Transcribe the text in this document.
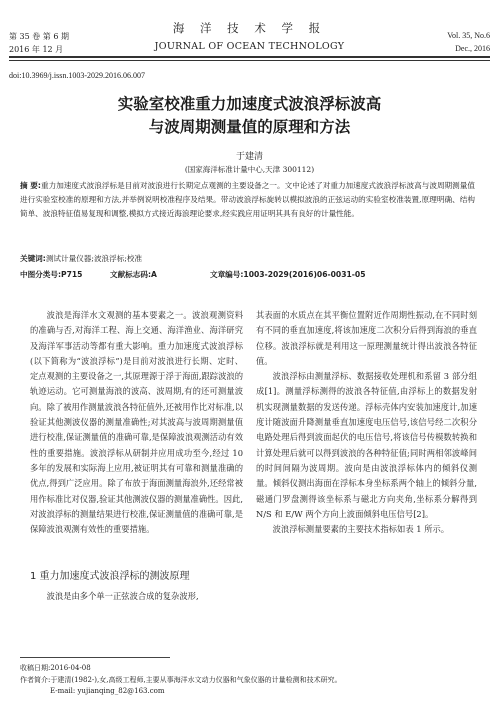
第 35 卷 第 6 期
2016 年 12 月
海 洋 技 术 学 报
JOURNAL OF OCEAN TECHNOLOGY
Vol. 35, No.6
Dec., 2016
doi:10.3969/j.issn.1003-2029.2016.06.007
实验室校准重力加速度式波浪浮标波高
与波周期测量值的原理和方法
于建清
(国家海洋标准计量中心,天津 300112)
摘 要:重力加速度式波浪浮标是目前对波浪进行长期定点观测的主要设备之一。文中论述了对重力加速度式波浪浮标波高与波周期测量值进行实验室校准的原理和方法,并举例说明校准程序及结果。带动波浪浮标旋转以模拟波浪的正弦运动的实验室校准装置,原理明确、结构简单、波浪特征值易复现和调整,模拟方式接近海浪理论要求,经实践应用证明其具有良好的计量性能。
关键词:测试计量仪器;波浪浮标;校准
中图分类号:P715	文献标志码:A	文章编号:1003-2029(2016)06-0031-05

波浪是海洋水文观测的基本要素之一。波浪观测资料的准确与否,对海洋工程、海上交通、海洋渔业、海洋研究及海洋军事活动等都有重大影响。重力加速度式波浪浮标(以下简称为“波浪浮标”)是目前对波浪进行长期、定时、定点观测的主要设备之一,其原理源于浮于海面,跟踪波浪的轨迹运动。它可测量海浪的波高、波周期,有的还可测量波向。除了被用作测量波浪各特征值外,还被用作比对标准,以验证其他测波仪器的测量准确性;对其波高与波周期测量值进行校准,保证测量值的准确可靠,是保障波浪观测活动有效性的重要措施。波浪浮标从研制并应用成功至今,经过 10 多年的发展和实际海上应用,被证明其有可靠和测量准确的优点,得到广泛应用。除了布放于海面测量海浪外,还经常被用作标准比对仪器,验证其他测波仪器的测量准确性。因此,对波浪浮标的测量结果进行校准,保证测量值的准确可靠,是保障波浪观测有效性的重要措施。

1 重力加速度式波浪浮标的测波原理
波浪是由多个单一正弦波合成的复杂波形,

其表面的水质点在其平衡位置附近作周期性振动,在不同时刻有不同的垂直加速度,将该加速度二次积分后得到海浪的垂直位移。波浪浮标就是利用这一原理测量统计得出波浪各特征值。

波浪浮标由测量浮标、数据接收处理机和系留 3 部分组成[1]。测量浮标测得的波浪各特征值,由浮标上的数据发射机实现测量数据的发送传递。浮标壳体内安装加速度计,加速度计随波面升降测量垂直加速度电压信号,该信号经二次积分电路处理后得到波面起伏的电压信号,将该信号传模数转换和计算处理后就可以得到波浪的各种特征值;同时两相邻波峰间的时间间隔为波周期。波向是由波浪浮标体内的倾斜仪测量。倾斜仪测出海面在浮标本身坐标系两个轴上的倾斜分量,磁通门罗盘测得该坐标系与磁北方向夹角,坐标系分解得到 N/S 和 E/W 两个方向上波面倾斜电压信号[2]。

波浪浮标测量要素的主要技术指标如表 1 所示。

收稿日期:2016-04-08
作者简介:于建清(1982-),女,高级工程师,主要从事海洋水文动力仪器和气象仪器的计量检测和技术研究。
E-mail: yujianqing_82@163.com
